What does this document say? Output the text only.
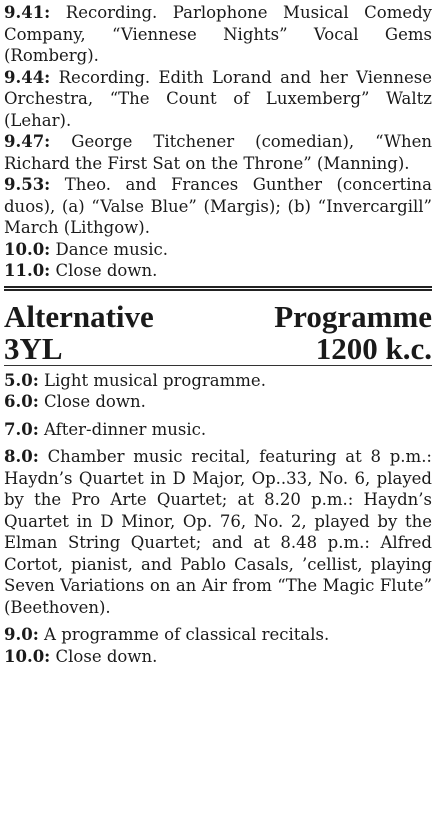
9.41: Recording. Parlophone Musical Comedy Company, “Viennese Nights” Vocal Gems (Romberg).

9.44: Recording. Edith Lorand and her Viennese Orchestra, “The Count of Luxemberg” Waltz (Lehar).

9.47: George Titchener (comedian), “When Richard the First Sat on the Throne” (Manning).

9.53: Theo. and Frances Gunther (concertina duos), (a) “Valse Blue” (Margis); (b) “Invercargill” March (Lithgow).

10.0: Dance music.

11.0: Close down.

Alternative	Programme
3YL	1200 k.c.

5.0: Light musical programme.

6.0: Close down.

7.0: After-dinner music.

8.0: Chamber music recital, featuring at 8 p.m.: Haydn’s Quartet in D Major, Op..33, No. 6, played by the Pro Arte Quartet; at 8.20 p.m.: Haydn’s Quartet in D Minor, Op. 76, No. 2, played by the Elman String Quartet; and at 8.48 p.m.: Alfred Cortot, pianist, and Pablo Casals, ’cellist, playing Seven Variations on an Air from “The Magic Flute” (Beethoven).

9.0: A programme of classical recitals.

10.0: Close down.
